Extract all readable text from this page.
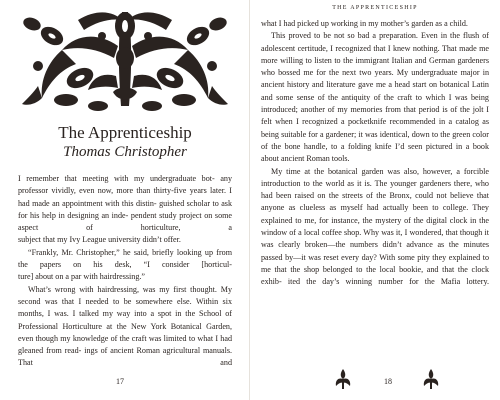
The Apprenticeship
Thomas Christopher

I remember that meeting with my undergraduate bot- any professor vividly, even now, more than thirty-five years later. I had made an appointment with this distin- guished scholar to ask for his help in designing an inde- pendent study project on some aspect of horticulture, a

subject that my Ivy League university didn’t offer.

“Frankly, Mr. Christopher,” he said, briefly looking up from the papers on his desk, “I consider [horticul-

ture] about on a par with hairdressing.”

What’s wrong with hairdressing, was my first thought. My second was that I needed to be somewhere else. Within six months, I was. I talked my way into a spot in the School of Professional Horticulture at the New York Botanical Garden, even though my knowledge of the craft was limited to what I had gleaned from read- ings of ancient Roman agricultural manuals. That and

17
THE APPRENTICESHIP

what I had picked up working in my mother’s garden as a child.

This proved to be not so bad a preparation. Even in the flush of adolescent certitude, I recognized that I knew nothing. That made me more willing to listen to the immigrant Italian and German gardeners who bossed me for the next two years. My undergraduate major in ancient history and literature gave me a head start on botanical Latin and some sense of the antiquity of the craft to which I was being introduced; another of my memories from that period is of the jolt I felt when I recognized a pocketknife recommended in a catalog as being suitable for a gardener; it was identical, down to the green color of the bone handle, to a folding knife I’d seen pictured in a book about ancient Roman tools.

My time at the botanical garden was also, however, a forcible introduction to the world as it is. The younger gardeners there, who had been raised on the streets of the Bronx, could not believe that anyone as clueless as myself had actually been to college. They explained to me, for instance, the mystery of the digital clock in the window of a local coffee shop. Why was it, I wondered, that though it was clearly broken—the numbers didn’t advance as the minutes passed by—it was reset every day? With some pity they explained to me that the shop belonged to the local bookie, and that the clock exhib- ited the day’s winning number for the Mafia lottery.

18
